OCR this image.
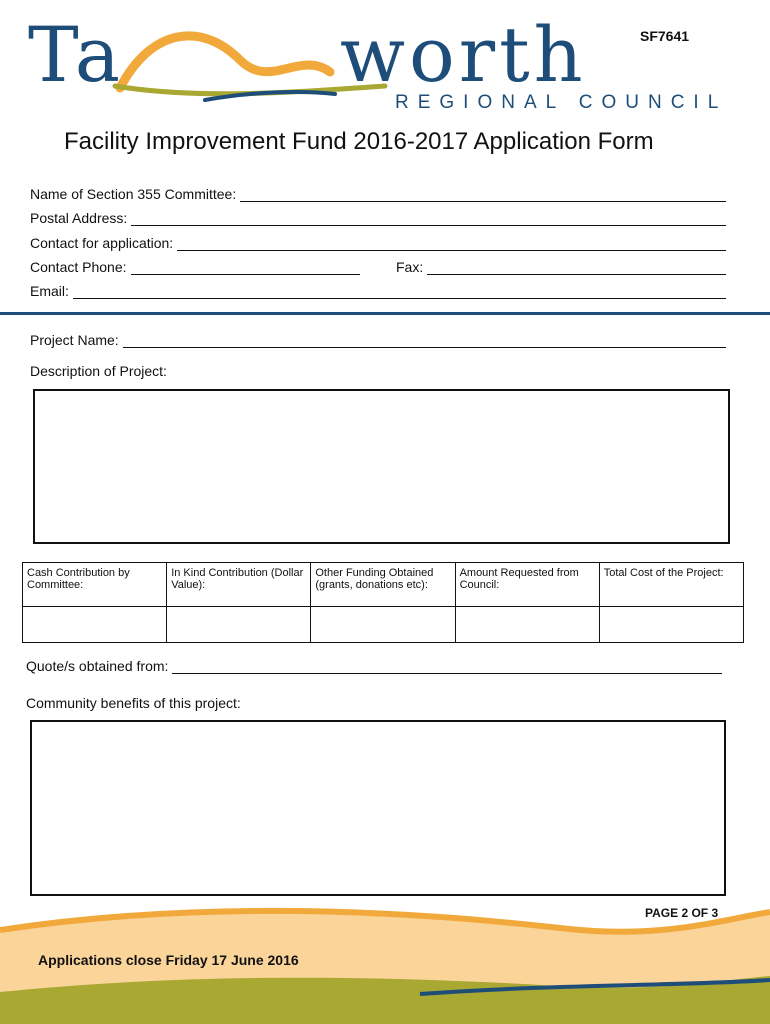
Ta	worth
REGIONAL COUNCIL
SF7641
Facility Improvement Fund 2016-2017 Application Form
Name of Section 355 Committee:
Postal Address:
Contact for application:
Contact Phone:	Fax:
Email:
Project Name:
Description of Project:
Cash Contribution by Committee:	In Kind Contribution (Dollar Value):	Other Funding Obtained (grants, donations etc):	Amount Requested from Council:	Total Cost of the Project:

Quote/s obtained from:
Community benefits of this project:
PAGE 2 OF 3
Applications close Friday 17 June 2016
